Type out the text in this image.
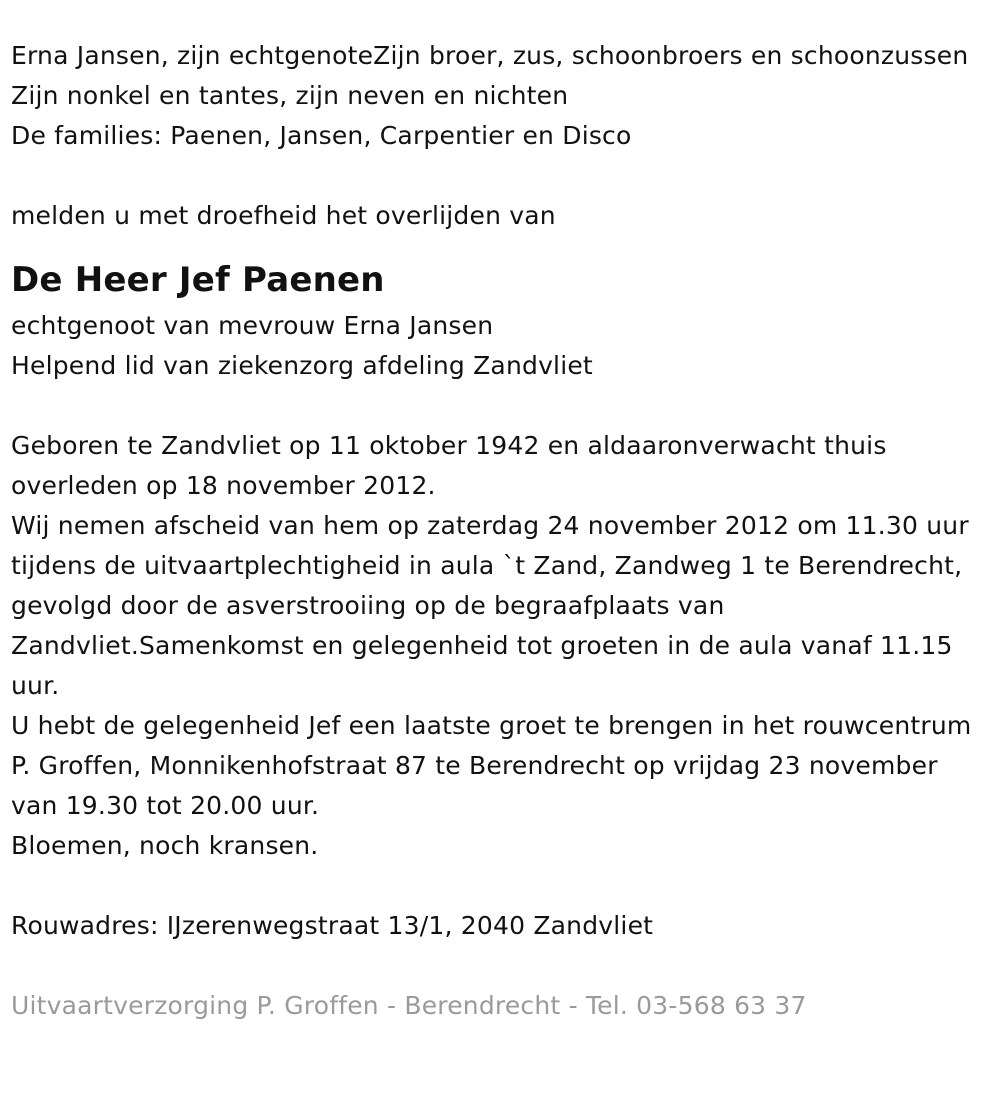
Erna Jansen, zijn echtgenoteZijn broer, zus, schoonbroers en schoonzussen

Zijn nonkel en tantes, zijn neven en nichten

De families: Paenen, Jansen, Carpentier en Disco

melden u met droefheid het overlijden van

De Heer Jef Paenen

echtgenoot van mevrouw Erna Jansen

Helpend lid van ziekenzorg afdeling Zandvliet

Geboren te Zandvliet op 11 oktober 1942 en aldaaronverwacht thuis overleden op 18 november 2012.

Wij nemen afscheid van hem op zaterdag 24 november 2012 om 11.30 uur tijdens de uitvaartplechtigheid in aula `t Zand, Zandweg 1 te Berendrecht, gevolgd door de asverstrooiing op de begraafplaats van Zandvliet.Samenkomst en gelegenheid tot groeten in de aula vanaf 11.15 uur.

U hebt de gelegenheid Jef een laatste groet te brengen in het rouwcentrum P. Groffen, Monnikenhofstraat 87 te Berendrecht op vrijdag 23 november van 19.30 tot 20.00 uur.

Bloemen, noch kransen.

Rouwadres: IJzerenwegstraat 13/1, 2040 Zandvliet

Uitvaartverzorging P. Groffen - Berendrecht - Tel. 03-568 63 37
